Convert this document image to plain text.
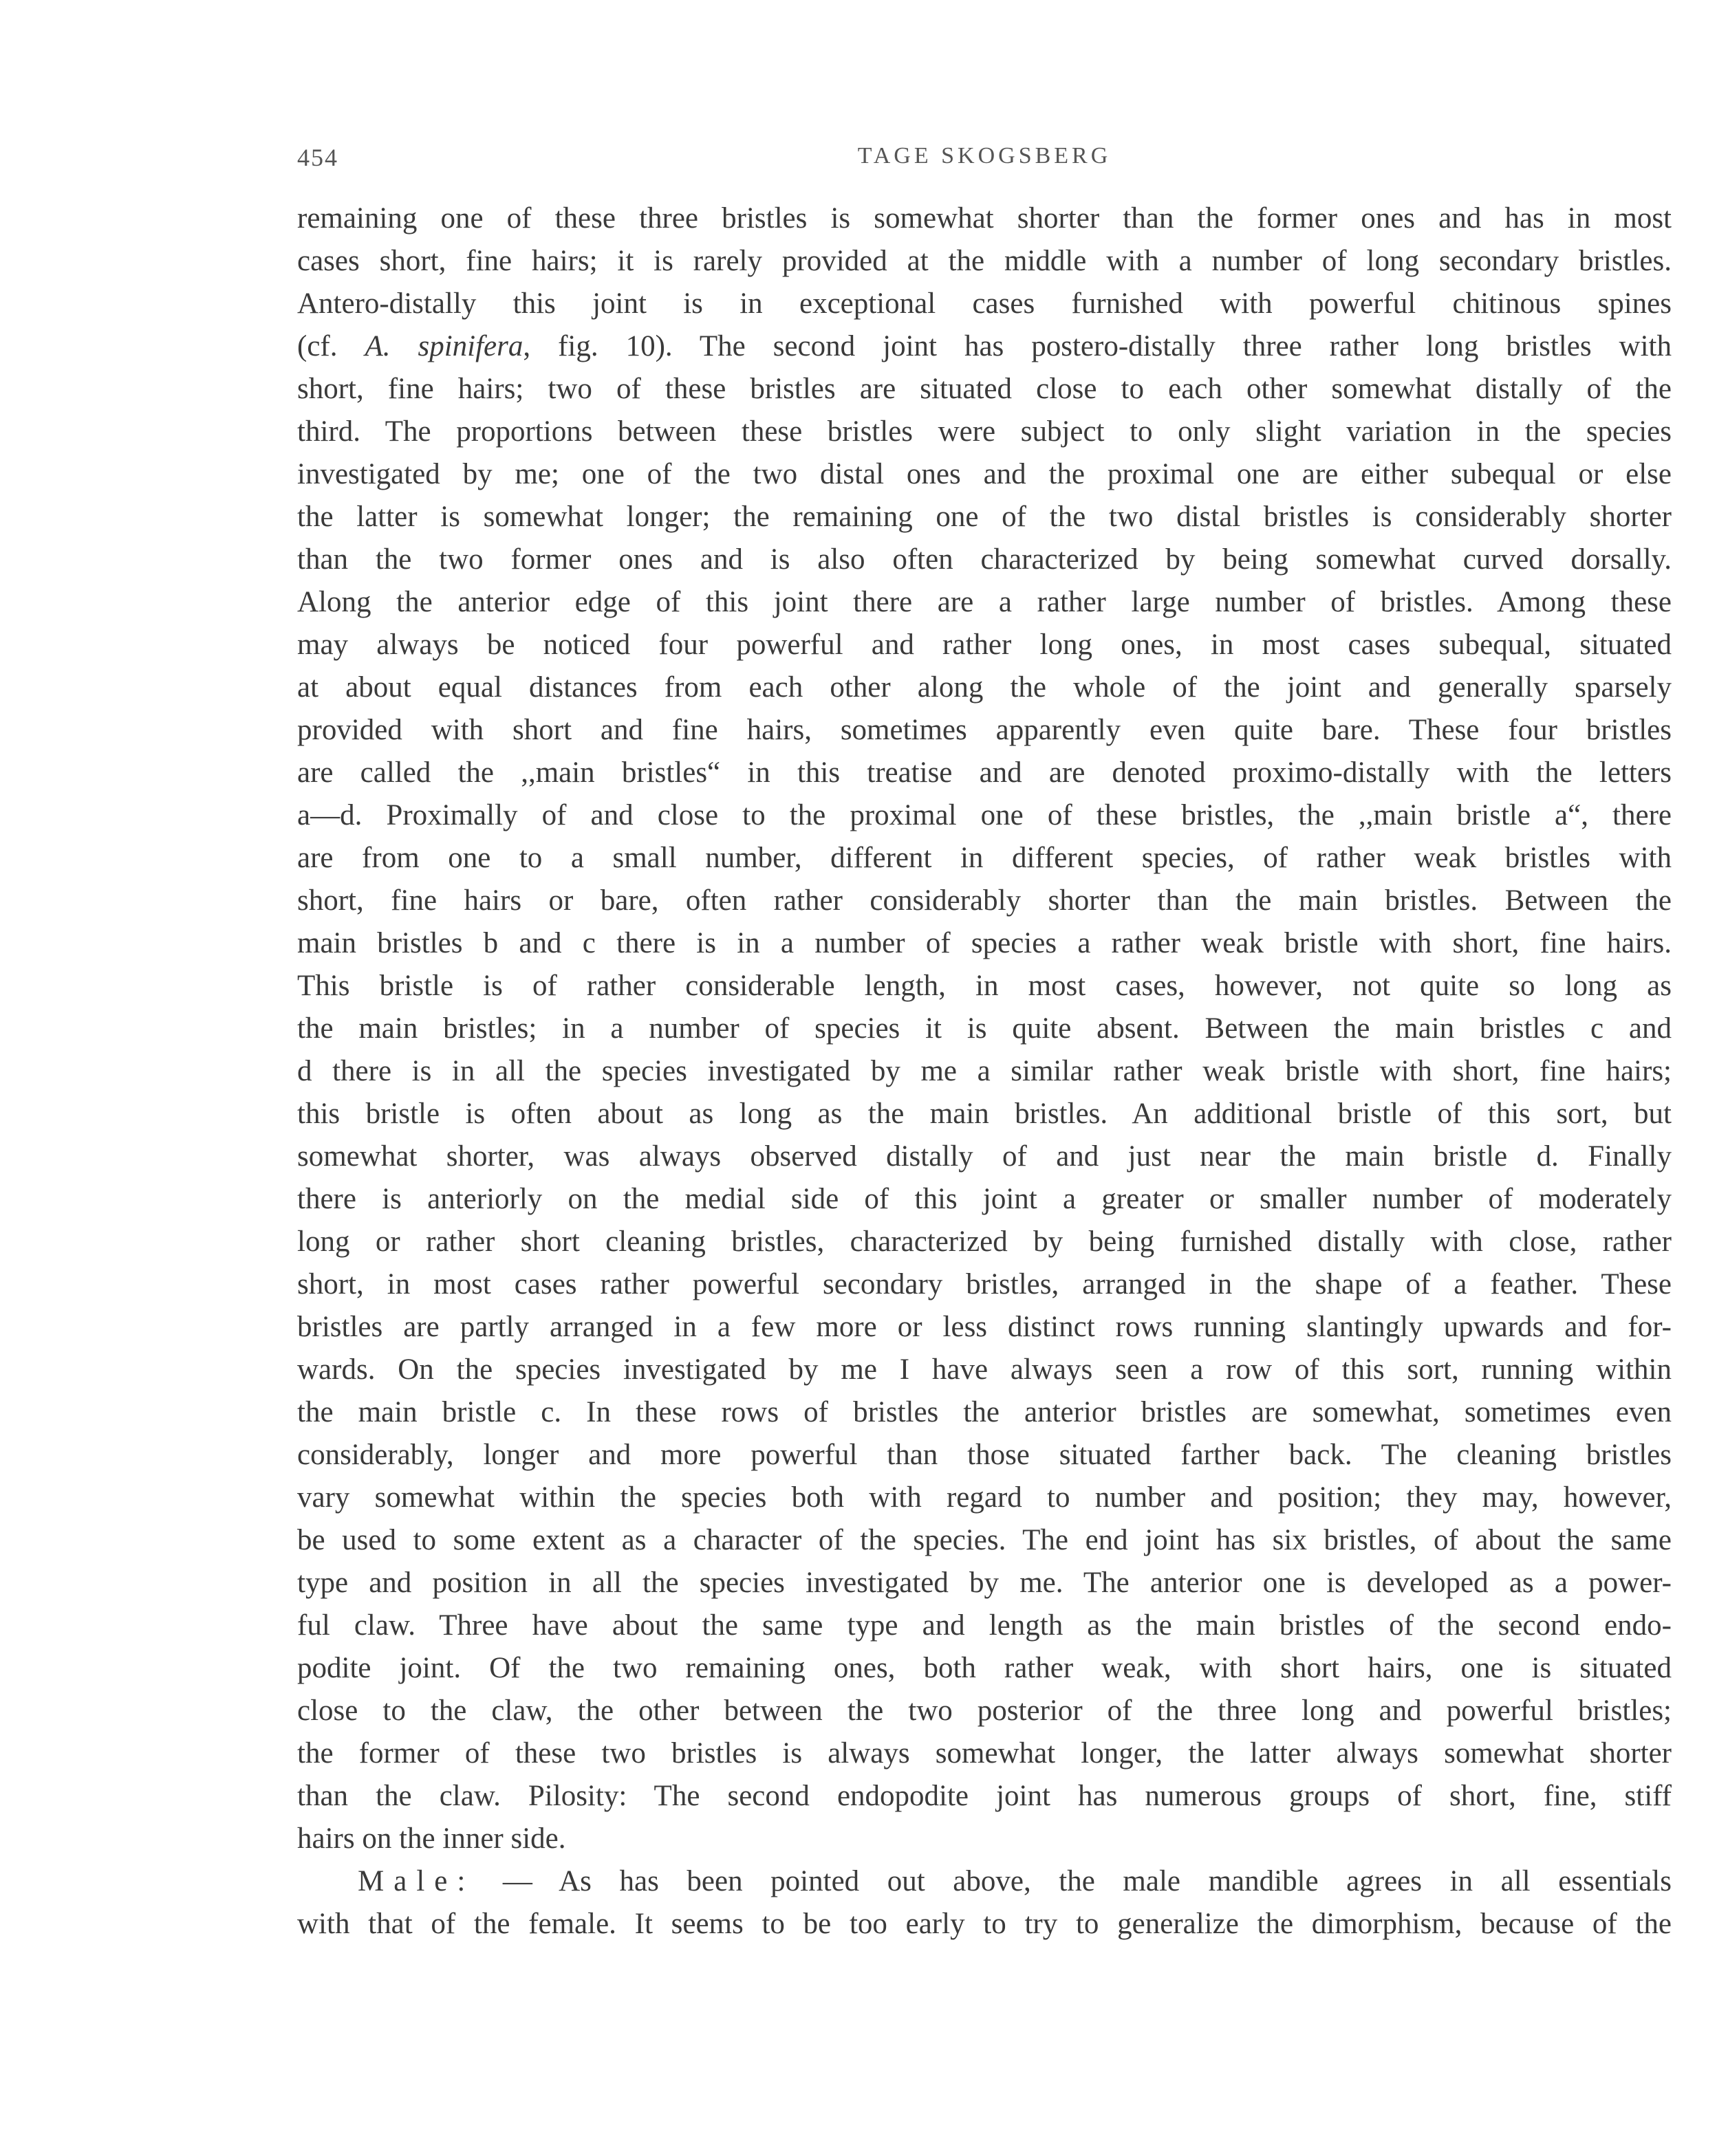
454	TAGE SKOGSBERG
remaining one of these three bristles is somewhat shorter than the former ones and has in most
cases short, fine hairs; it is rarely provided at the middle with a number of long secondary bristles.
Antero-distally this joint is in exceptional cases furnished with powerful chitinous spines
(cf. A. spinifera, fig. 10). The second joint has postero-distally three rather long bristles with
short, fine hairs; two of these bristles are situated close to each other somewhat distally of the
third. The proportions between these bristles were subject to only slight variation in the species
investigated by me; one of the two distal ones and the proximal one are either subequal or else
the latter is somewhat longer; the remaining one of the two distal bristles is considerably shorter
than the two former ones and is also often characterized by being somewhat curved dorsally.
Along the anterior edge of this joint there are a rather large number of bristles. Among these
may always be noticed four powerful and rather long ones, in most cases subequal, situated
at about equal distances from each other along the whole of the joint and generally sparsely
provided with short and fine hairs, sometimes apparently even quite bare. These four bristles
are called the ,,main bristles“ in this treatise and are denoted proximo-distally with the letters
a—d. Proximally of and close to the proximal one of these bristles, the ,,main bristle a“, there
are from one to a small number, different in different species, of rather weak bristles with
short, fine hairs or bare, often rather considerably shorter than the main bristles. Between the
main bristles b and c there is in a number of species a rather weak bristle with short, fine hairs.
This bristle is of rather considerable length, in most cases, however, not quite so long as
the main bristles; in a number of species it is quite absent. Between the main bristles c and
d there is in all the species investigated by me a similar rather weak bristle with short, fine hairs;
this bristle is often about as long as the main bristles. An additional bristle of this sort, but
somewhat shorter, was always observed distally of and just near the main bristle d. Finally
there is anteriorly on the medial side of this joint a greater or smaller number of moderately
long or rather short cleaning bristles, characterized by being furnished distally with close, rather
short, in most cases rather powerful secondary bristles, arranged in the shape of a feather. These
bristles are partly arranged in a few more or less distinct rows running slantingly upwards and for-
wards. On the species investigated by me I have always seen a row of this sort, running within
the main bristle c. In these rows of bristles the anterior bristles are somewhat, sometimes even
considerably, longer and more powerful than those situated farther back. The cleaning bristles
vary somewhat within the species both with regard to number and position; they may, however,
be used to some extent as a character of the species. The end joint has six bristles, of about the same
type and position in all the species investigated by me. The anterior one is developed as a power-
ful claw. Three have about the same type and length as the main bristles of the second endo-
podite joint. Of the two remaining ones, both rather weak, with short hairs, one is situated
close to the claw, the other between the two posterior of the three long and powerful bristles;
the former of these two bristles is always somewhat longer, the latter always somewhat shorter
than the claw. Pilosity: The second endopodite joint has numerous groups of short, fine, stiff
hairs on the inner side.
Male: — As has been pointed out above, the male mandible agrees in all essentials
with that of the female. It seems to be too early to try to generalize the dimorphism, because of the
